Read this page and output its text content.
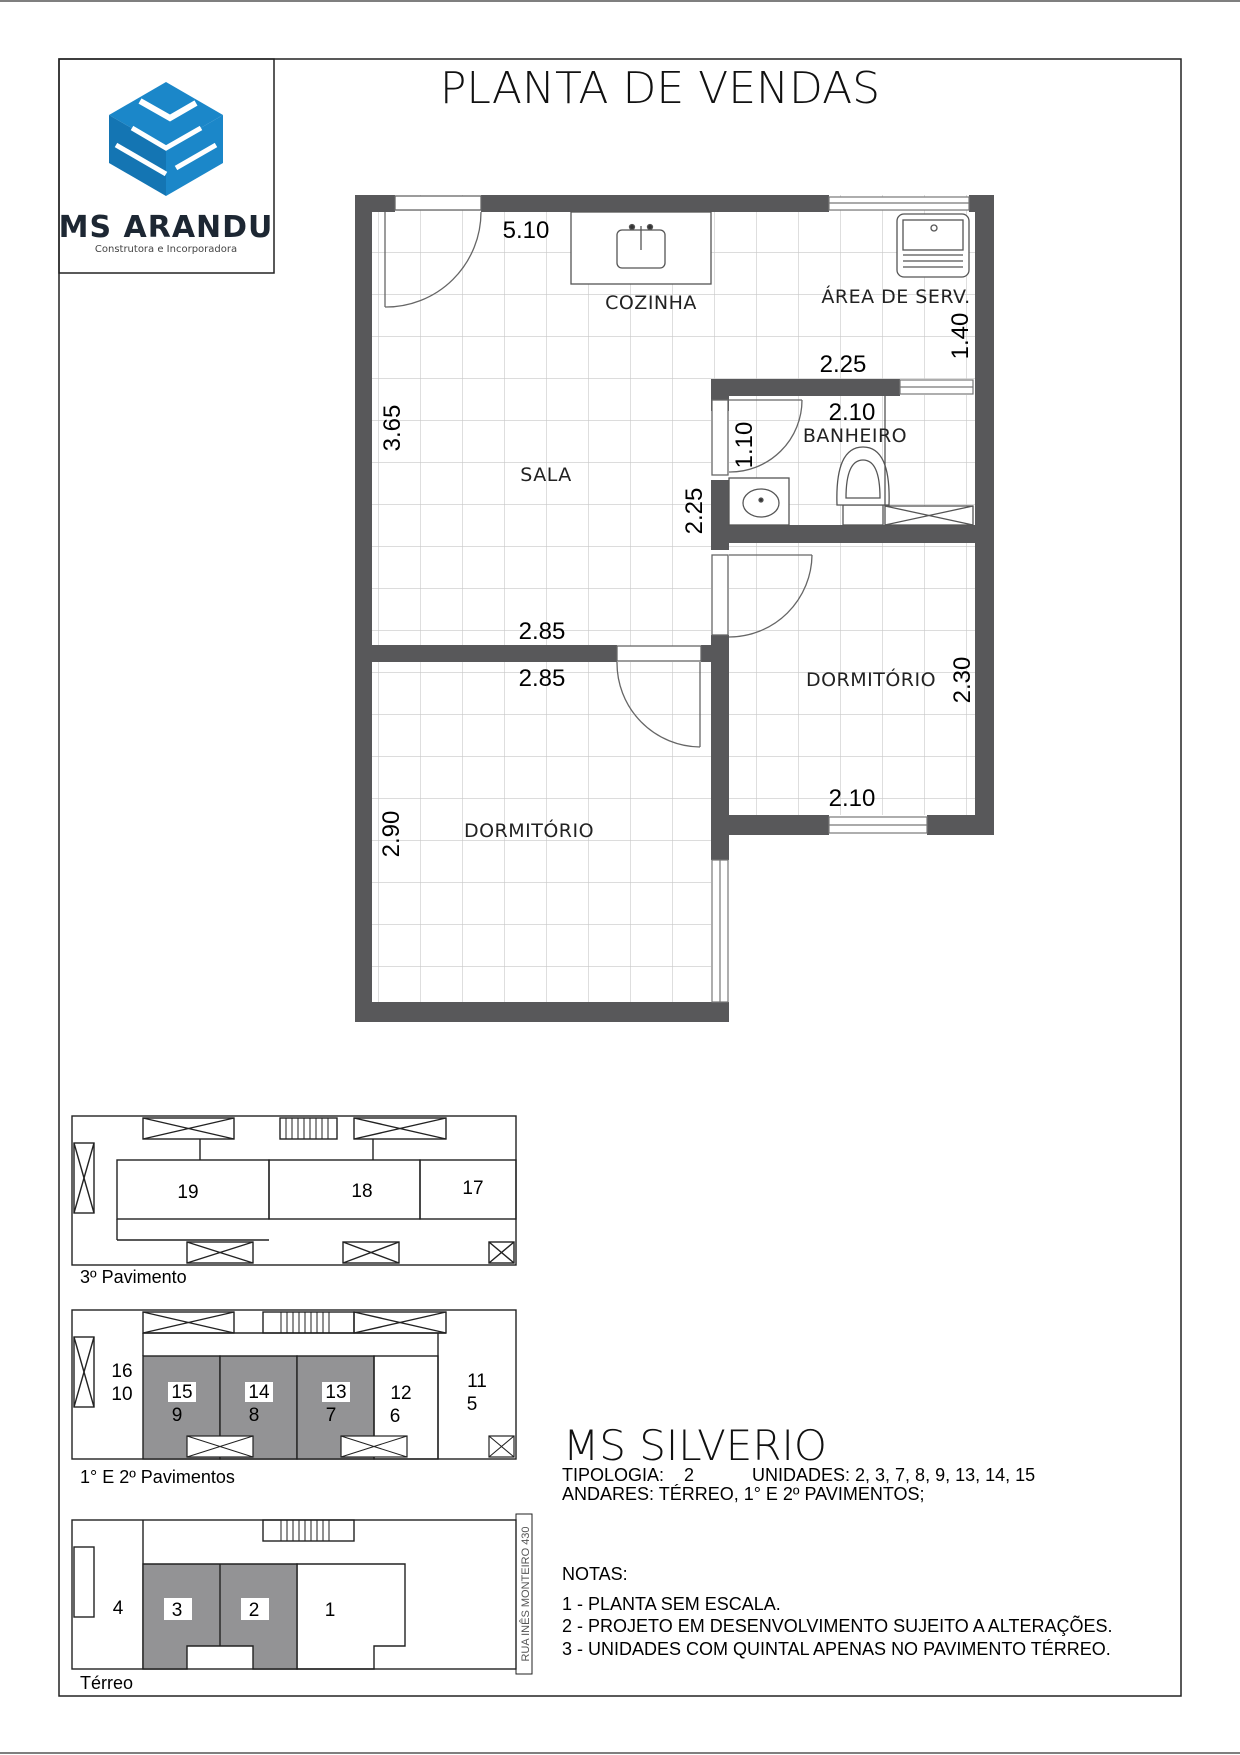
MS ARANDU
Construtora e Incorporadora
PLANTA DE VENDAS
COZINHA	ÁREA DE SERV.
SALA
BANHEIRO
DORMITÓRIO
DORMITÓRIO
5.10
2.25
1.40
3.65	2.10
1.10
2.25
2.85
2.85
2.90
2.30
2.10
19	18	17
3º Pavimento
16
10 15
9
14
8
13
7
12
6
11
5
1° E 2º Pavimentos
4	3	2	1	RUA INÊS MONTEIRO 430
Térreo
MS SILVERIO
TIPOLOGIA: 2	UNIDADES: 2, 3, 7, 8, 9, 13, 14, 15
ANDARES: TÉRREO, 1° E 2º PAVIMENTOS;
NOTAS:
1 - PLANTA SEM ESCALA.
2 - PROJETO EM DESENVOLVIMENTO SUJEITO A ALTERAÇÕES.
3 - UNIDADES COM QUINTAL APENAS NO PAVIMENTO TÉRREO.
